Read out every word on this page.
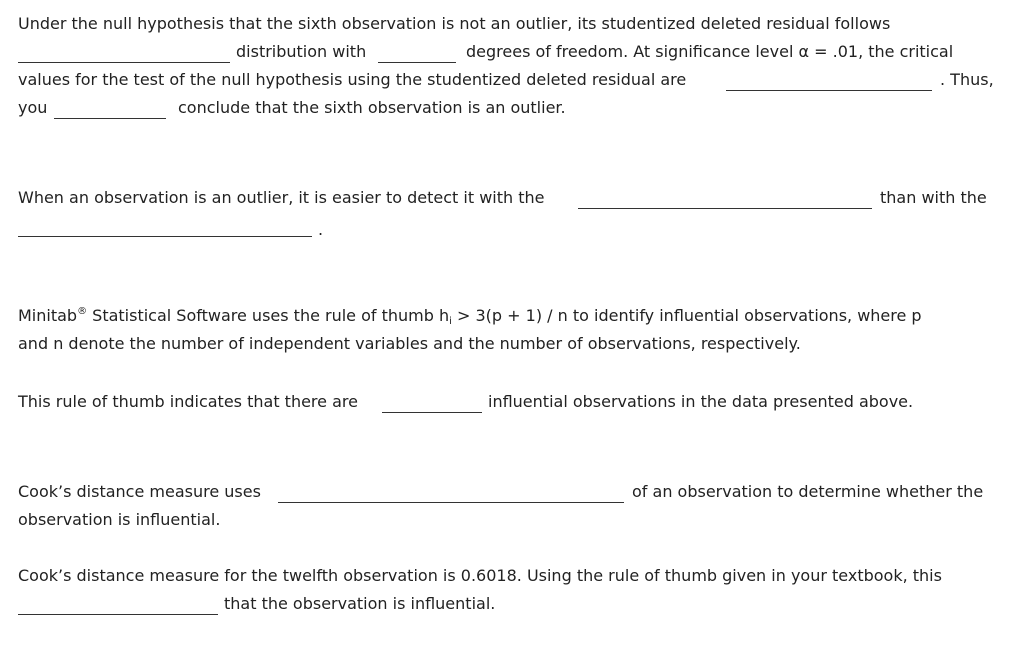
Under the null hypothesis that the sixth observation is not an outlier, its studentized deleted residual follows
distribution with	degrees of freedom. At significance level α = .01, the critical
values for the test of the null hypothesis using the studentized deleted residual are	. Thus,
you	conclude that the sixth observation is an outlier.
When an observation is an outlier, it is easier to detect it with the	than with the
.
Minitab® Statistical Software uses the rule of thumb $h_i > 3(p + 1) / n$ to identify influential observations, where p
and n denote the number of independent variables and the number of observations, respectively.
This rule of thumb indicates that there are	influential observations in the data presented above.
Cook’s distance measure uses	of an observation to determine whether the
observation is influential.
Cook’s distance measure for the twelfth observation is 0.6018. Using the rule of thumb given in your textbook, this
that the observation is influential.
